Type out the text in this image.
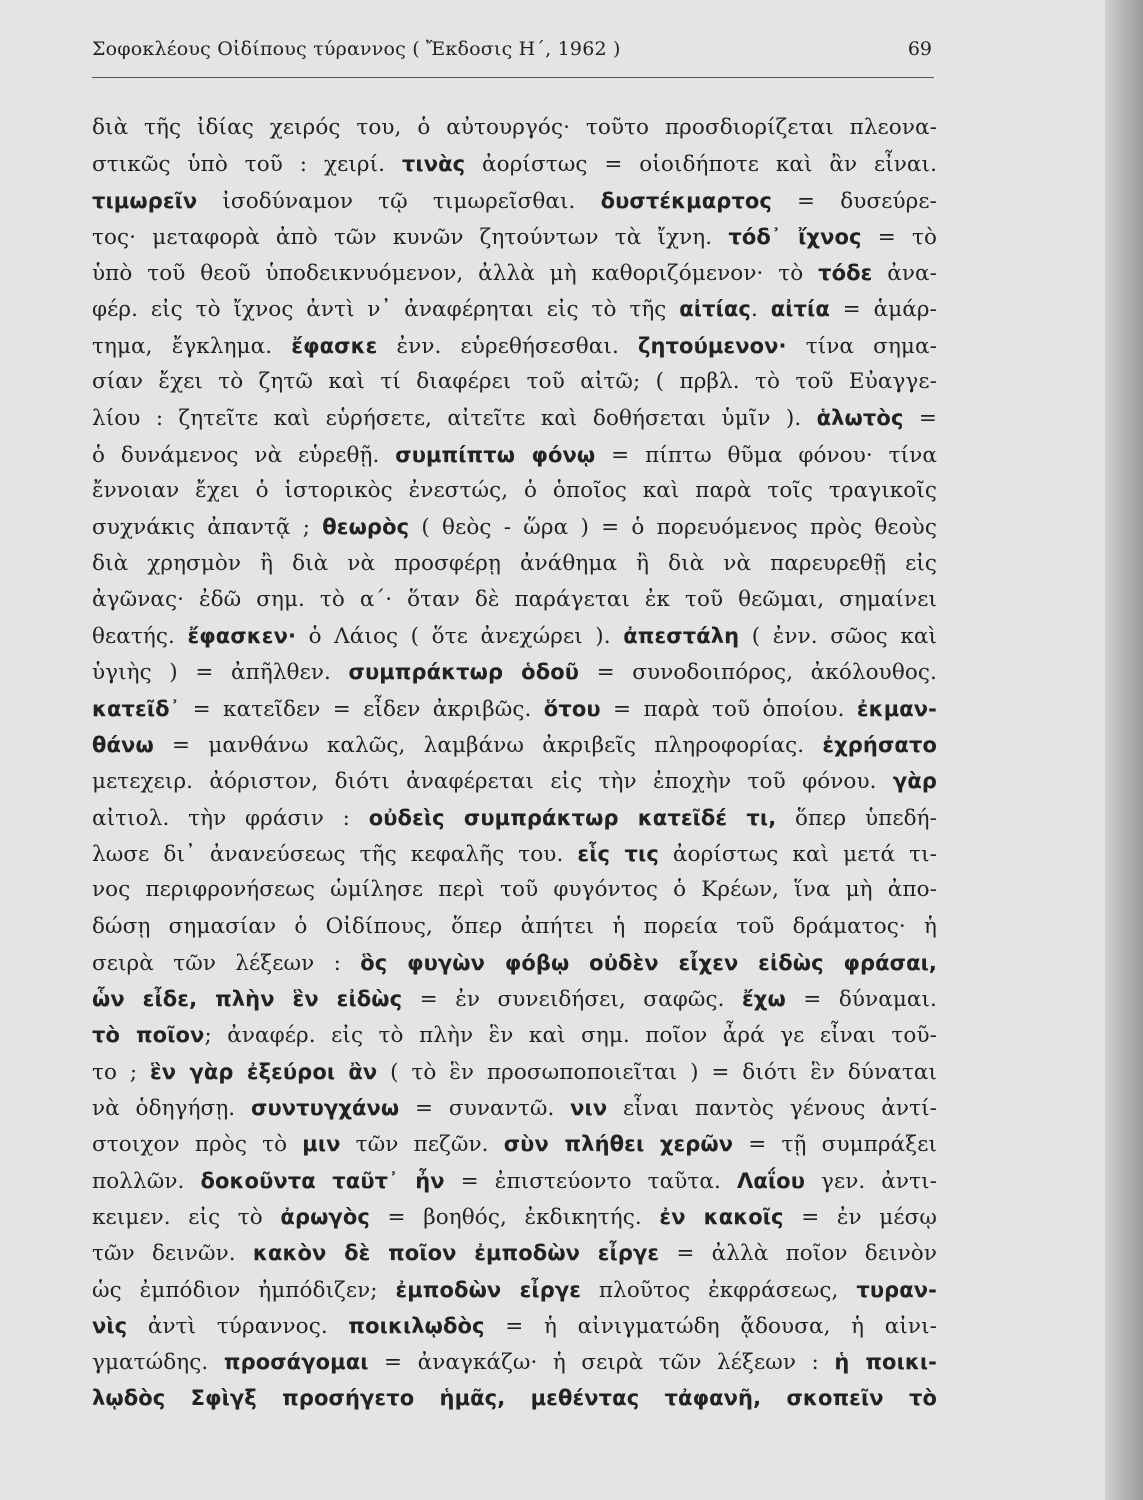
Σοφοκλέους Οἰδίπους τύραννος ( Ἔκδοσις Η΄, 1962 )	69
διὰ τῆς ἰδίας χειρός του, ὁ αὐτουργός· τοῦτο προσδιορίζεται πλεονα-
στικῶς ὑπὸ τοῦ : χειρί. τινὰς ἀορίστως = οἱοιδήποτε καὶ ἂν εἶναι.
τιμωρεῖν ἰσοδύναμον τῷ τιμωρεῖσθαι. δυστέκμαρτος = δυσεύρε-
τος· μεταφορὰ ἀπὸ τῶν κυνῶν ζητούντων τὰ ἴχνη. τόδ᾽ ἴχνος = τὸ
ὑπὸ τοῦ θεοῦ ὑποδεικνυόμενον, ἀλλὰ μὴ καθοριζόμενον· τὸ τόδε ἀνα-
φέρ. εἰς τὸ ἴχνος ἀντὶ ν᾽ ἀναφέρηται εἰς τὸ τῆς αἰτίας. αἰτία = ἁμάρ-
τημα, ἔγκλημα. ἔφασκε ἐνν. εὑρεθήσεσθαι. ζητούμενον· τίνα σημα-
σίαν ἔχει τὸ ζητῶ καὶ τί διαφέρει τοῦ αἰτῶ; ( πρβλ. τὸ τοῦ Εὐαγγε-
λίου : ζητεῖτε καὶ εὑρήσετε, αἰτεῖτε καὶ δοθήσεται ὑμῖν ). ἁλωτὸς =
ὁ δυνάμενος νὰ εὑρεθῇ. συμπίπτω φόνῳ = πίπτω θῦμα φόνου· τίνα
ἔννοιαν ἔχει ὁ ἱστορικὸς ἐνεστώς, ὁ ὁποῖος καὶ παρὰ τοῖς τραγικοῖς
συχνάκις ἀπαντᾷ ; θεωρὸς ( θεὸς - ὥρα ) = ὁ πορευόμενος πρὸς θεοὺς
διὰ χρησμὸν ἢ διὰ νὰ προσφέρῃ ἀνάθημα ἢ διὰ νὰ παρευρεθῇ εἰς
ἀγῶνας· ἐδῶ σημ. τὸ α΄· ὅταν δὲ παράγεται ἐκ τοῦ θεῶμαι, σημαίνει
θεατής. ἔφασκεν· ὁ Λάιος ( ὅτε ἀνεχώρει ). ἀπεστάλη ( ἐνν. σῶος καὶ
ὑγιὴς ) = ἀπῆλθεν. συμπράκτωρ ὁδοῦ = συνοδοιπόρος, ἀκόλουθος.
κατεῖδ᾽ = κατεῖδεν = εἶδεν ἀκριβῶς. ὅτου = παρὰ τοῦ ὁποίου. ἐκμαν-
θάνω = μανθάνω καλῶς, λαμβάνω ἀκριβεῖς πληροφορίας. ἐχρήσατο
μετεχειρ. ἀόριστον, διότι ἀναφέρεται εἰς τὴν ἐποχὴν τοῦ φόνου. γὰρ
αἰτιολ. τὴν φράσιν : οὐδεὶς συμπράκτωρ κατεῖδέ τι, ὅπερ ὑπεδή-
λωσε δι᾽ ἀνανεύσεως τῆς κεφαλῆς του. εἷς τις ἀορίστως καὶ μετά τι-
νος περιφρονήσεως ὡμίλησε περὶ τοῦ φυγόντος ὁ Κρέων, ἵνα μὴ ἀπο-
δώσῃ σημασίαν ὁ Οἰδίπους, ὅπερ ἀπήτει ἡ πορεία τοῦ δράματος· ἡ
σειρὰ τῶν λέξεων : ὃς φυγὼν φόβῳ οὐδὲν εἶχεν εἰδὼς φράσαι,
ὧν εἶδε, πλὴν ἓν εἰδὼς = ἐν συνειδήσει, σαφῶς. ἔχω = δύναμαι.
τὸ ποῖον; ἀναφέρ. εἰς τὸ πλὴν ἓν καὶ σημ. ποῖον ἆρά γε εἶναι τοῦ-
το ; ἓν γὰρ ἐξεύροι ἂν ( τὸ ἓν προσωποποιεῖται ) = διότι ἓν δύναται
νὰ ὁδηγήσῃ. συντυγχάνω = συναντῶ. νιν εἶναι παντὸς γένους ἀντί-
στοιχον πρὸς τὸ μιν τῶν πεζῶν. σὺν πλήθει χερῶν = τῇ συμπράξει
πολλῶν. δοκοῦντα ταῦτ᾽ ἦν = ἐπιστεύοντο ταῦτα. Λαΐου γεν. ἀντι-
κειμεν. εἰς τὸ ἀρωγὸς = βοηθός, ἐκδικητής. ἐν κακοῖς = ἐν μέσῳ
τῶν δεινῶν. κακὸν δὲ ποῖον ἐμποδὼν εἶργε = ἀλλὰ ποῖον δεινὸν
ὡς ἐμπόδιον ἠμπόδιζεν; ἐμποδὼν εἶργε πλοῦτος ἐκφράσεως, τυραν-
νὶς ἀντὶ τύραννος. ποικιλῳδὸς = ἡ αἰνιγματώδη ᾄδουσα, ἡ αἰνι-
γματώδης. προσάγομαι = ἀναγκάζω· ἡ σειρὰ τῶν λέξεων : ἡ ποικι-
λῳδὸς Σφὶγξ προσήγετο ἡμᾶς, μεθέντας τἀφανῆ, σκοπεῖν τὸ
